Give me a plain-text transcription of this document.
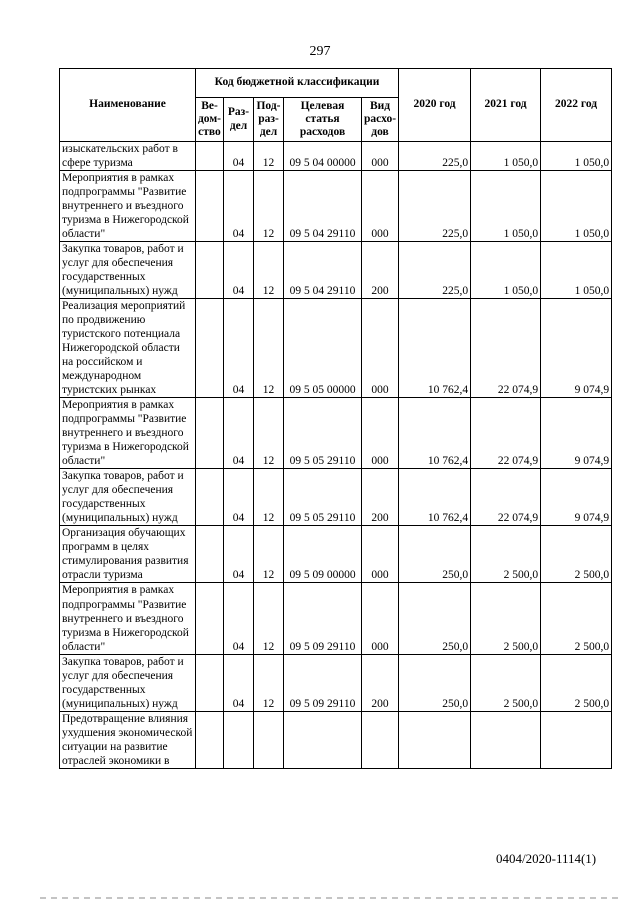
297
Наименование	Код бюджетной классификации					2020 год	2021 год	2022 год
	Ве-дом-ство	Раз-дел	Под-раз-дел	Целевая статья расходов	Вид расхо-дов			
изыскательских работ в сфере туризма		04	12	09 5 04 00000	000	225,0	1 050,0	1 050,0
Мероприятия в рамках подпрограммы "Развитие внутреннего и въездного туризма в Нижегородской области"		04	12	09 5 04 29110	000	225,0	1 050,0	1 050,0
Закупка товаров, работ и услуг для обеспечения государственных (муниципальных) нужд		04	12	09 5 04 29110	200	225,0	1 050,0	1 050,0
Реализация мероприятий по продвижению туристского потенциала Нижегородской области на российском и международном туристских рынках		04	12	09 5 05 00000	000	10 762,4	22 074,9	9 074,9
Мероприятия в рамках подпрограммы "Развитие внутреннего и въездного туризма в Нижегородской области"		04	12	09 5 05 29110	000	10 762,4	22 074,9	9 074,9
Закупка товаров, работ и услуг для обеспечения государственных (муниципальных) нужд		04	12	09 5 05 29110	200	10 762,4	22 074,9	9 074,9
Организация обучающих программ в целях стимулирования развития отрасли туризма		04	12	09 5 09 00000	000	250,0	2 500,0	2 500,0
Мероприятия в рамках подпрограммы "Развитие внутреннего и въездного туризма в Нижегородской области"		04	12	09 5 09 29110	000	250,0	2 500,0	2 500,0
Закупка товаров, работ и услуг для обеспечения государственных (муниципальных) нужд		04	12	09 5 09 29110	200	250,0	2 500,0	2 500,0
Предотвращение влияния ухудшения экономической ситуации на развитие отраслей экономики в								
0404/2020-1114(1)
